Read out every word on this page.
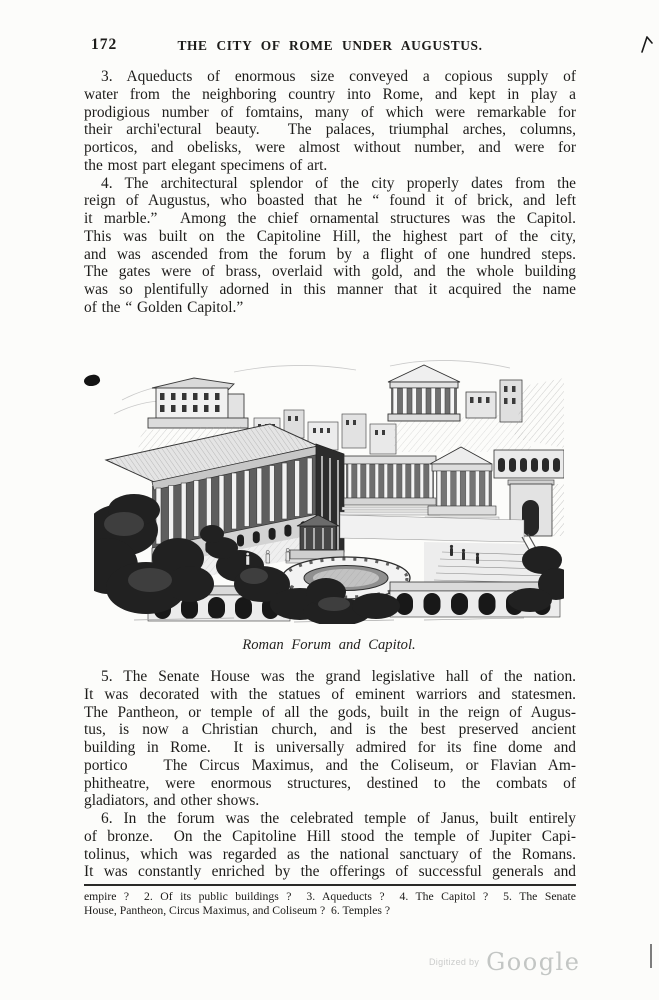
172	THE CITY OF ROME UNDER AUGUSTUS.
3. Aqueducts of enormous size conveyed a copious supply of
water from the neighboring country into Rome, and kept in play a
prodigious number of fomtains, many of which were remarkable for
their archi'ectural beauty.  The palaces, triumphal arches, columns,
porticos, and obelisks, were almost without number, and were for
the most part elegant specimens of art.
4. The architectural splendor of the city properly dates from the
reign of Augustus, who boasted that he “ found it of brick, and left
it marble.”  Among the chief ornamental structures was the Capitol.
This was built on the Capitoline Hill, the highest part of the city,
and was ascended from the forum by a flight of one hundred steps.
The gates were of brass, overlaid with gold, and the whole building
was so plentifully adorned in this manner that it acquired the name
of the “ Golden Capitol.”
Roman Forum and Capitol.
5. The Senate House was the grand legislative hall of the nation.
It was decorated with the statues of eminent warriors and statesmen.
The Pantheon, or temple of all the gods, built in the reign of Augus-
tus, is now a Christian church, and is the best preserved ancient
building in Rome.  It is universally admired for its fine dome and
portico   The Circus Maximus, and the Coliseum, or Flavian Am-
phitheatre, were enormous structures, destined to the combats of
gladiators, and other shows.
6. In the forum was the celebrated temple of Janus, built entirely
of bronze.  On the Capitoline Hill stood the temple of Jupiter Capi-
tolinus, which was regarded as the national sanctuary of the Romans.
It was constantly enriched by the offerings of successful generals and
empire ?  2. Of its public buildings ?  3. Aqueducts ?  4. The Capitol ?  5. The Senate
House, Pantheon, Circus Maximus, and Coliseum ?  6. Temples ?
Digitized by Google
